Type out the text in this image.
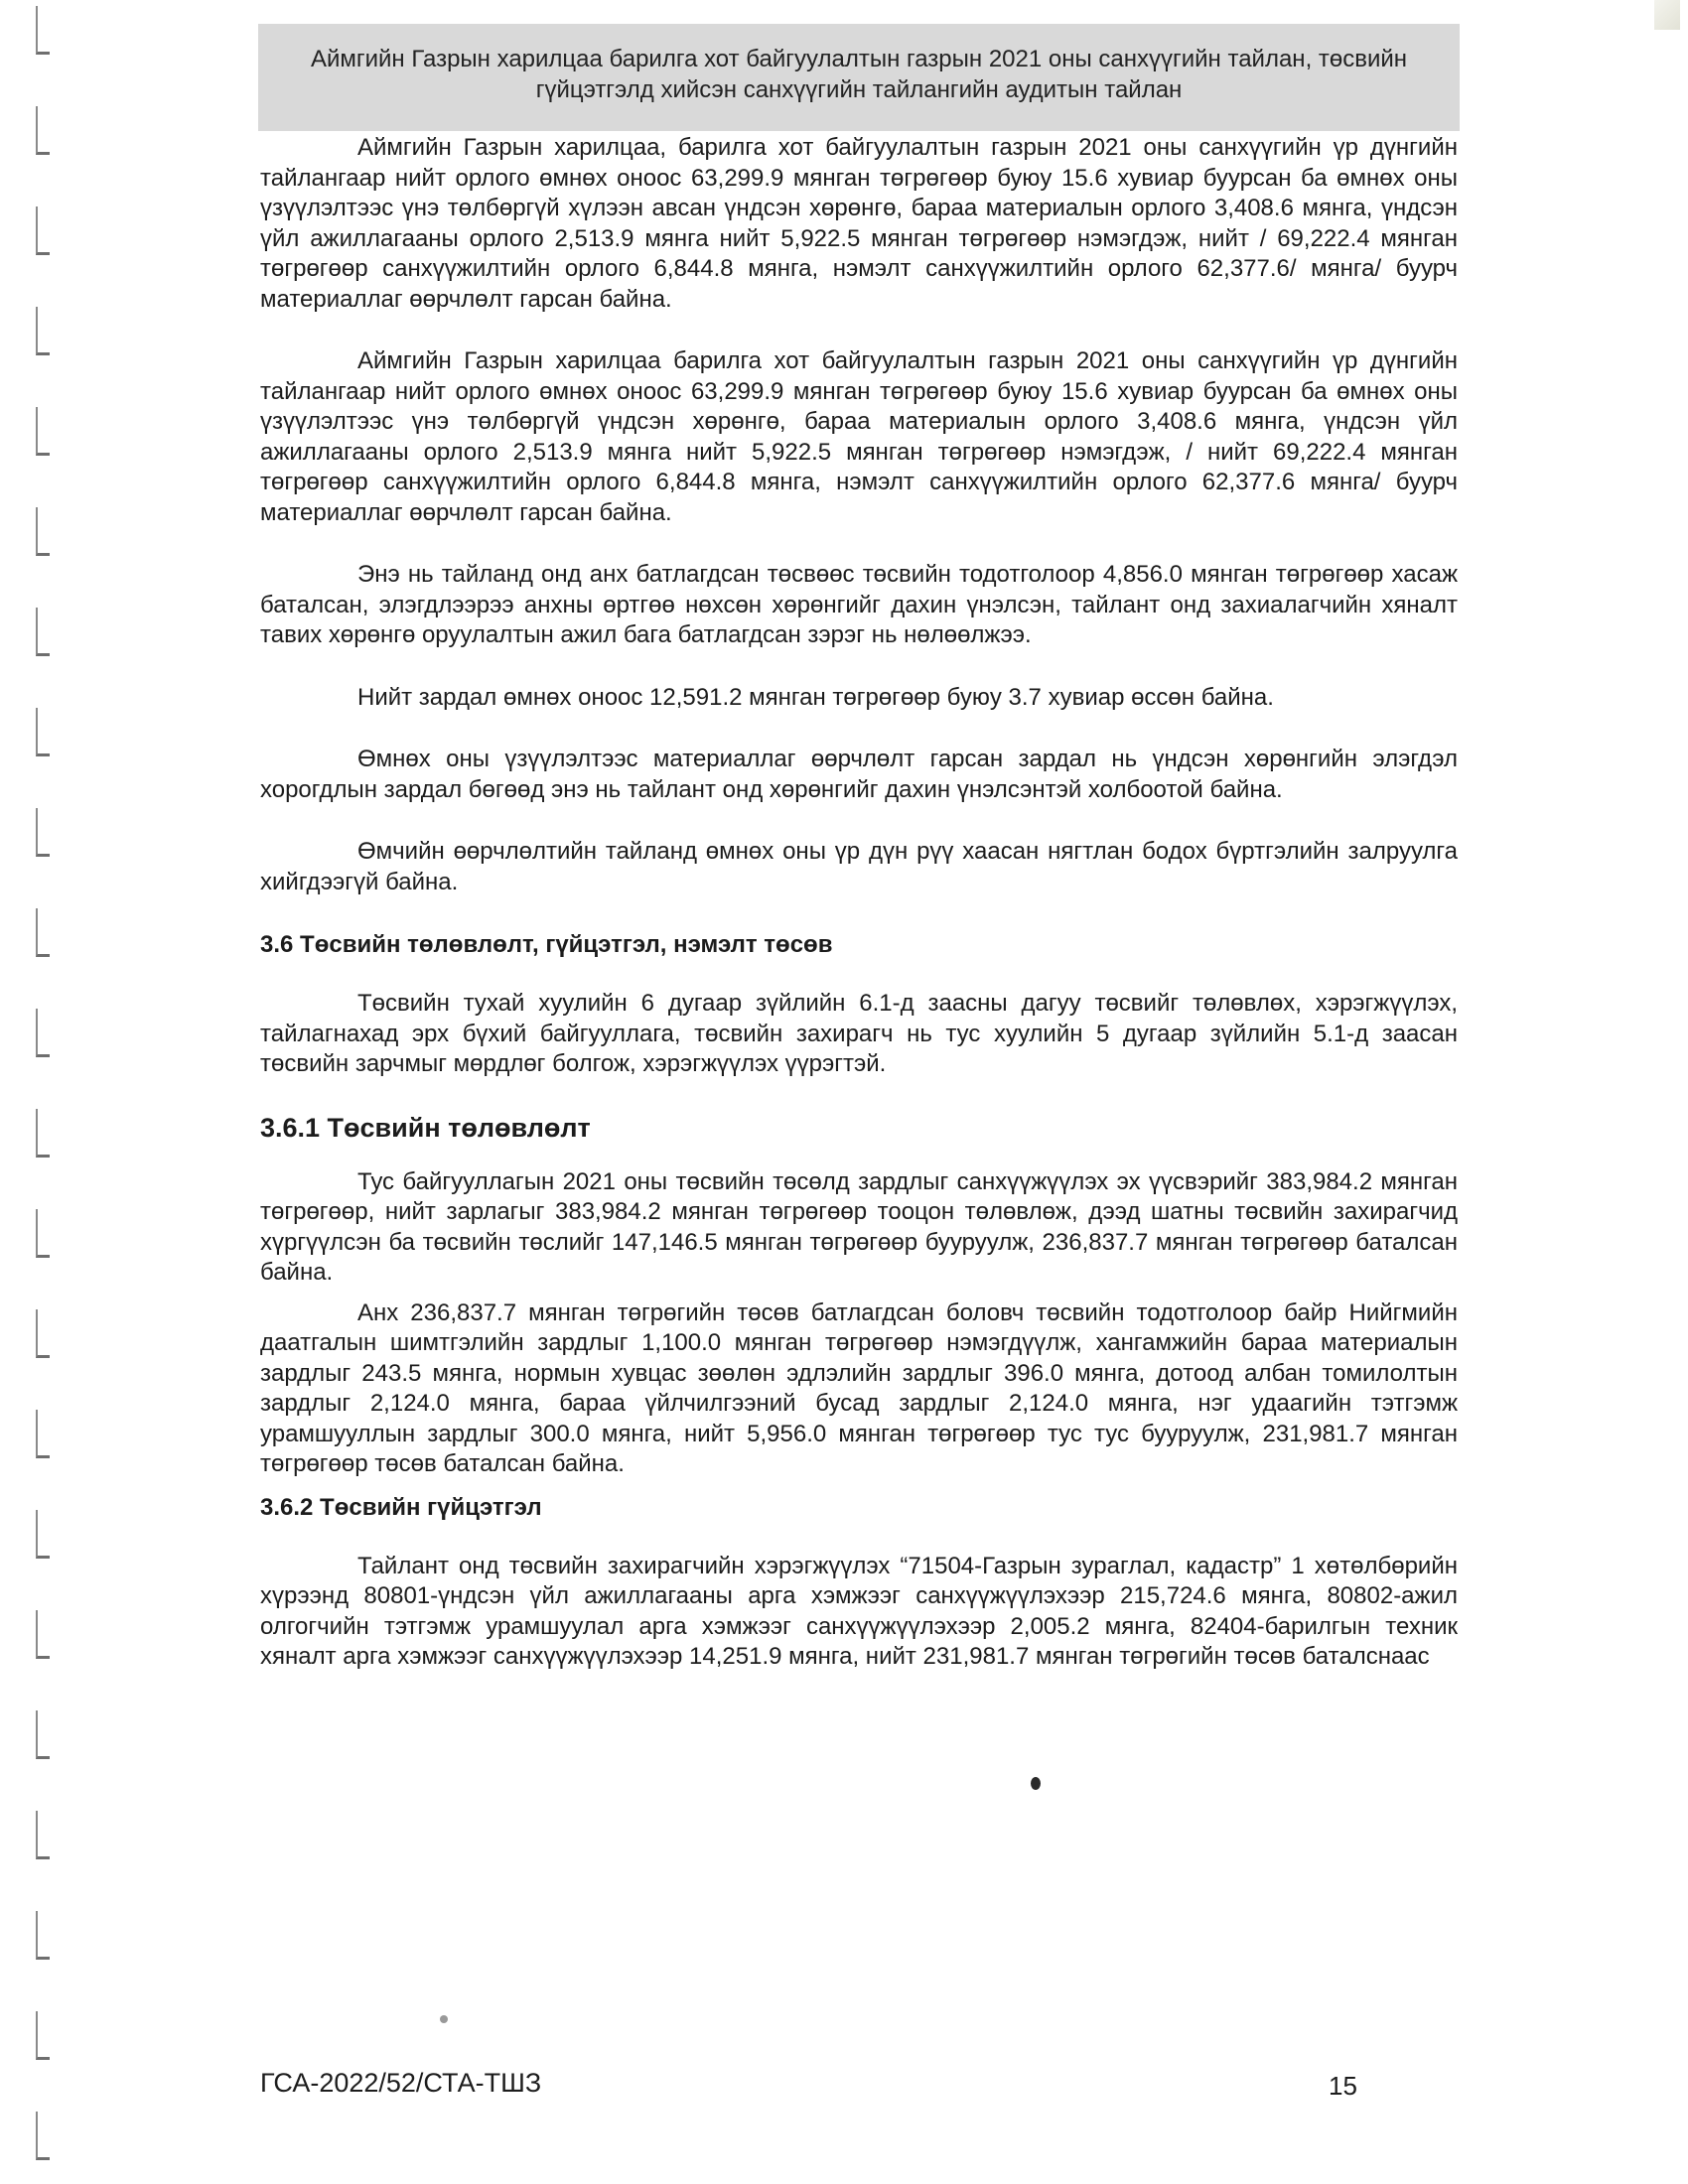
Аймгийн Газрын харилцаа барилга хот байгуулалтын газрын 2021 оны санхүүгийн тайлан, төсвийн гүйцэтгэлд хийсэн санхүүгийн тайлангийн аудитын тайлан

Аймгийн Газрын харилцаа, барилга хот байгуулалтын газрын 2021 оны санхүүгийн үр дүнгийн тайлангаар нийт орлого өмнөх оноос 63,299.9 мянган төгрөгөөр буюу 15.6 хувиар буурсан ба өмнөх оны үзүүлэлтээс үнэ төлбөргүй хүлээн авсан үндсэн хөрөнгө, бараа материалын орлого 3,408.6 мянга, үндсэн үйл ажиллагааны орлого 2,513.9 мянга нийт 5,922.5 мянган төгрөгөөр нэмэгдэж, нийт / 69,222.4 мянган төгрөгөөр санхүүжилтийн орлого 6,844.8 мянга, нэмэлт санхүүжилтийн орлого 62,377.6/ мянга/ буурч материаллаг өөрчлөлт гарсан байна.

Аймгийн Газрын харилцаа барилга хот байгуулалтын газрын 2021 оны санхүүгийн үр дүнгийн тайлангаар нийт орлого өмнөх оноос 63,299.9 мянган төгрөгөөр буюу 15.6 хувиар буурсан ба өмнөх оны үзүүлэлтээс үнэ төлбөргүй үндсэн хөрөнгө, бараа материалын орлого 3,408.6 мянга, үндсэн үйл ажиллагааны орлого 2,513.9 мянга нийт 5,922.5 мянган төгрөгөөр нэмэгдэж, / нийт 69,222.4 мянган төгрөгөөр санхүүжилтийн орлого 6,844.8 мянга, нэмэлт санхүүжилтийн орлого 62,377.6 мянга/ буурч материаллаг өөрчлөлт гарсан байна.

Энэ нь тайланд онд анх батлагдсан төсвөөс төсвийн тодотголоор 4,856.0 мянган төгрөгөөр хасаж баталсан, элэгдлээрээ анхны өртгөө нөхсөн хөрөнгийг дахин үнэлсэн, тайлант онд захиалагчийн хяналт тавих хөрөнгө оруулалтын ажил бага батлагдсан зэрэг нь нөлөөлжээ.

Нийт зардал өмнөх оноос 12,591.2 мянган төгрөгөөр буюу 3.7 хувиар өссөн байна.

Өмнөх оны үзүүлэлтээс материаллаг өөрчлөлт гарсан зардал нь үндсэн хөрөнгийн элэгдэл хорогдлын зардал бөгөөд энэ нь тайлант онд хөрөнгийг дахин үнэлсэнтэй холбоотой байна.

Өмчийн өөрчлөлтийн тайланд өмнөх оны үр дүн рүү хаасан нягтлан бодох бүртгэлийн залруулга хийгдээгүй байна.

3.6 Төсвийн төлөвлөлт, гүйцэтгэл, нэмэлт төсөв

Төсвийн тухай хуулийн 6 дугаар зүйлийн 6.1-д заасны дагуу төсвийг төлөвлөх, хэрэгжүүлэх, тайлагнахад эрх бүхий байгууллага, төсвийн захирагч нь тус хуулийн 5 дугаар зүйлийн 5.1-д заасан төсвийн зарчмыг мөрдлөг болгож, хэрэгжүүлэх үүрэгтэй.

3.6.1 Төсвийн төлөвлөлт

Тус байгууллагын 2021 оны төсвийн төсөлд зардлыг санхүүжүүлэх эх үүсвэрийг 383,984.2 мянган төгрөгөөр, нийт зарлагыг 383,984.2 мянган төгрөгөөр тооцон төлөвлөж, дээд шатны төсвийн захирагчид хүргүүлсэн ба төсвийн төслийг 147,146.5 мянган төгрөгөөр бууруулж, 236,837.7 мянган төгрөгөөр баталсан байна.

Анх 236,837.7 мянган төгрөгийн төсөв батлагдсан боловч төсвийн тодотголоор байр Нийгмийн даатгалын шимтгэлийн зардлыг 1,100.0 мянган төгрөгөөр нэмэгдүүлж, хангамжийн бараа материалын зардлыг 243.5 мянга, нормын хувцас зөөлөн эдлэлийн зардлыг 396.0 мянга, дотоод албан томилолтын зардлыг 2,124.0 мянга, бараа үйлчилгээний бусад зардлыг 2,124.0 мянга, нэг удаагийн тэтгэмж урамшууллын зардлыг 300.0 мянга, нийт 5,956.0 мянган төгрөгөөр тус тус бууруулж, 231,981.7 мянган төгрөгөөр төсөв баталсан байна.

3.6.2 Төсвийн гүйцэтгэл

Тайлант онд төсвийн захирагчийн хэрэгжүүлэх “71504-Газрын зураглал, кадастр” 1 хөтөлбөрийн хүрээнд 80801-үндсэн үйл ажиллагааны арга хэмжээг санхүүжүүлэхээр 215,724.6 мянга, 80802-ажил олгогчийн тэтгэмж урамшуулал арга хэмжээг санхүүжүүлэхээр 2,005.2 мянга, 82404-барилгын техник хяналт арга хэмжээг санхүүжүүлэхээр 14,251.9 мянга, нийт 231,981.7 мянган төгрөгийн төсөв баталснаас

ГСА-2022/52/СТА-ТШЗ	15
